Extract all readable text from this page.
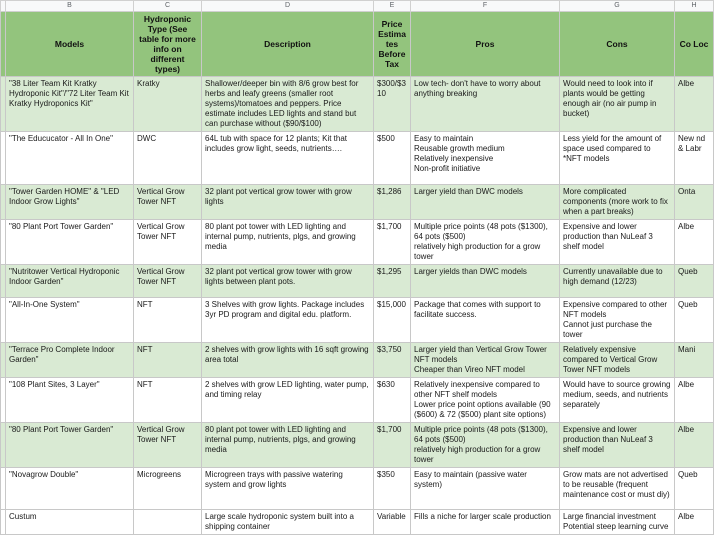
	B	C	D	E	F	G	H
	Models	Hydroponic Type (See table for more info on different types)	Description	Price Estimates Before Tax	Pros	Cons	Co Loc
	"38 Liter Team Kit Kratky Hydroponic Kit"/"72 Liter Team Kit Kratky Hydroponics Kit"	Kratky	Shallower/deeper bin with 8/6 grow best for herbs and leafy greens (smaller root systems)/tomatoes and peppers. Price estimate includes LED lights and stand but can purchase without ($90/$100)	$300/$310	Low tech- don't have to worry about anything breaking	Would need to look into if plants would be getting enough air (no air pump in bucket)	Albe
	"The Educucator - All In One"	DWC	64L tub with space for 12 plants; Kit that includes grow light, seeds, nutrients….	$500	Easy to maintain
Reusable growth medium
Relatively inexpensive
Non-profit initiative	Less yield for the amount of space used compared to *NFT models	New nd & Labr
	"Tower Garden HOME" & "LED Indoor Grow Lights"	Vertical Grow Tower NFT	32 plant pot vertical grow tower with grow lights	$1,286	Larger yield than DWC models	More complicated components (more work to fix when a part breaks)	Onta
	"80 Plant Port Tower Garden"	Vertical Grow Tower NFT	80 plant pot tower with LED lighting and internal pump, nutrients, plgs, and growing media	$1,700	Multiple price points (48 pots ($1300), 64 pots ($500)
relatively high production for a grow tower	Expensive and lower production than NuLeaf 3 shelf model	Albe
	"Nutritower Vertical Hydroponic Indoor Garden"	Vertical Grow Tower NFT	32 plant pot vertical grow tower with grow lights between plant pots.	$1,295	Larger yields than DWC models	Currently unavailable due to high demand (12/23)	Queb
	"All-In-One System"	NFT	3 Shelves with grow lights. Package includes 3yr PD program and digital edu. platform.	$15,000	Package that comes with support to facilitate success.	Expensive compared to other NFT models
Cannot just purchase the tower	Queb
	"Terrace Pro Complete Indoor Garden"	NFT	2 shelves with grow lights with 16 sqft growing area total	$3,750	Larger yield than Vertical Grow Tower NFT models
Cheaper than Vireo NFT model	Relatively expensive compared to Vertical Grow Tower NFT models	Mani
	"108 Plant Sites, 3 Layer"	NFT	2 shelves with grow LED lighting, water pump, and timing relay	$630	Relatively inexpensive compared to other NFT shelf models
Lower price point options available (90 ($600) & 72 ($500) plant site options)	Would have to source growing medium, seeds, and nutrients separately	Albe
	"80 Plant Port Tower Garden"	Vertical Grow Tower NFT	80 plant pot tower with LED lighting and internal pump, nutrients, plgs, and growing media	$1,700	Multiple price points (48 pots ($1300), 64 pots ($500)
relatively high production for a grow tower	Expensive and lower production than NuLeaf 3 shelf model	Albe
	"Novagrow Double"	Microgreens	Microgreen trays with passive watering system and grow lights	$350	Easy to maintain (passive water system)	Grow mats are not advertised to be reusable (frequent maintenance cost or must diy)	Queb
	Custum		Large scale hydroponic system built into a shipping container	Variable	Fills a niche for larger scale production	Large financial investment
Potential steep learning curve	Albe
